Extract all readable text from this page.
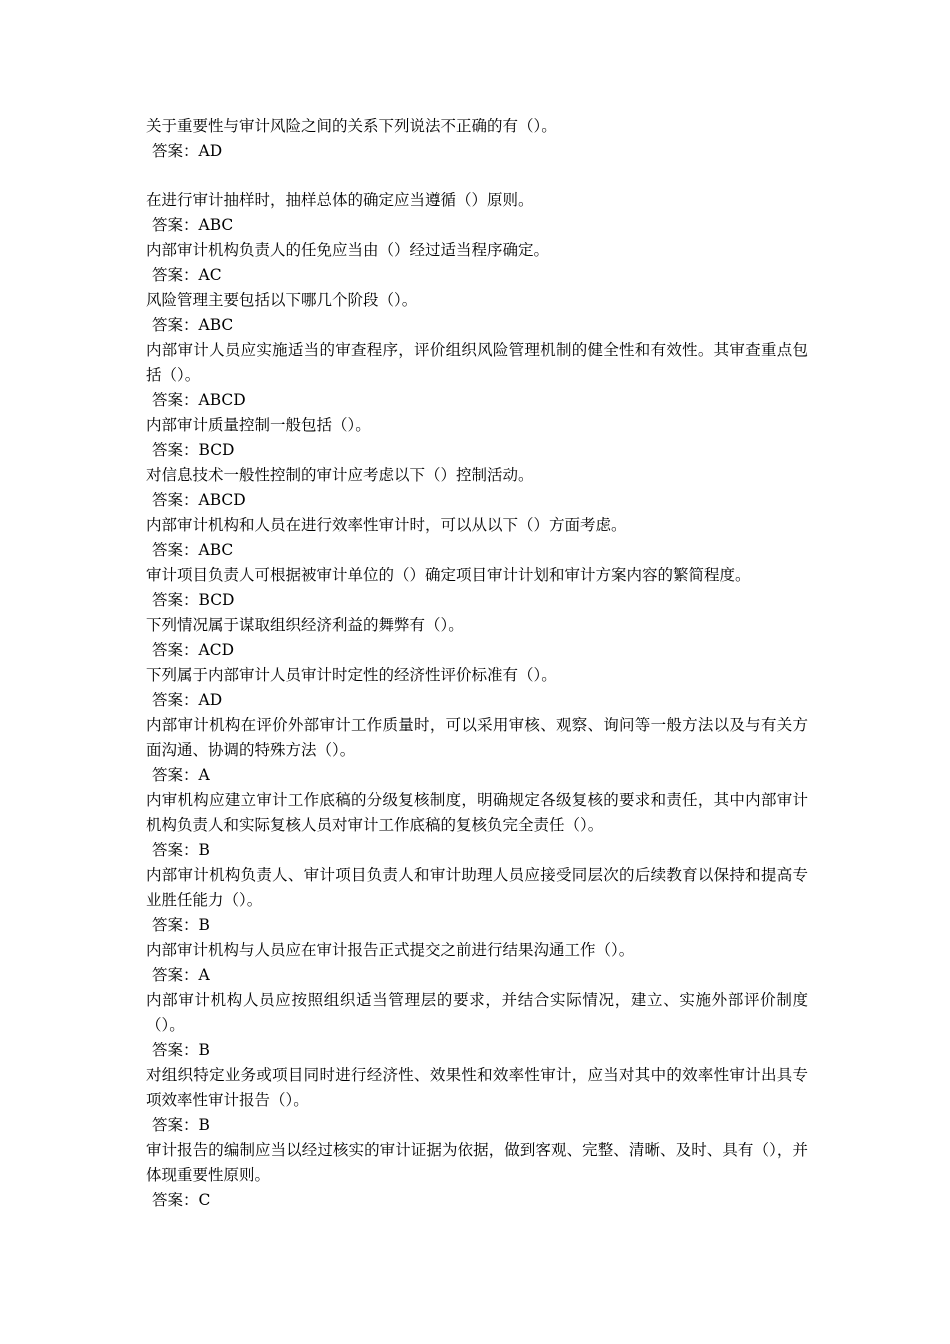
关于重要性与审计风险之间的关系下列说法不正确的有（）。

答案：AD

在进行审计抽样时，抽样总体的确定应当遵循（）原则。

答案：ABC

内部审计机构负责人的任免应当由（）经过适当程序确定。

答案：AC

风险管理主要包括以下哪几个阶段（）。

答案：ABC

内部审计人员应实施适当的审查程序，评价组织风险管理机制的健全性和有效性。其审查重点包括（）。

答案：ABCD

内部审计质量控制一般包括（）。

答案：BCD

对信息技术一般性控制的审计应考虑以下（）控制活动。

答案：ABCD

内部审计机构和人员在进行效率性审计时，可以从以下（）方面考虑。

答案：ABC

审计项目负责人可根据被审计单位的（）确定项目审计计划和审计方案内容的繁简程度。

答案：BCD

下列情况属于谋取组织经济利益的舞弊有（）。

答案：ACD

下列属于内部审计人员审计时定性的经济性评价标准有（）。

答案：AD

内部审计机构在评价外部审计工作质量时，可以采用审核、观察、询问等一般方法以及与有关方面沟通、协调的特殊方法（）。

答案：A

内审机构应建立审计工作底稿的分级复核制度，明确规定各级复核的要求和责任，其中内部审计机构负责人和实际复核人员对审计工作底稿的复核负完全责任（）。

答案：B

内部审计机构负责人、审计项目负责人和审计助理人员应接受同层次的后续教育以保持和提高专业胜任能力（）。

答案：B

内部审计机构与人员应在审计报告正式提交之前进行结果沟通工作（）。

答案：A

内部审计机构人员应按照组织适当管理层的要求，并结合实际情况，建立、实施外部评价制度（）。

答案：B

对组织特定业务或项目同时进行经济性、效果性和效率性审计，应当对其中的效率性审计出具专项效率性审计报告（）。

答案：B

审计报告的编制应当以经过核实的审计证据为依据，做到客观、完整、清晰、及时、具有（），并体现重要性原则。

答案：C
